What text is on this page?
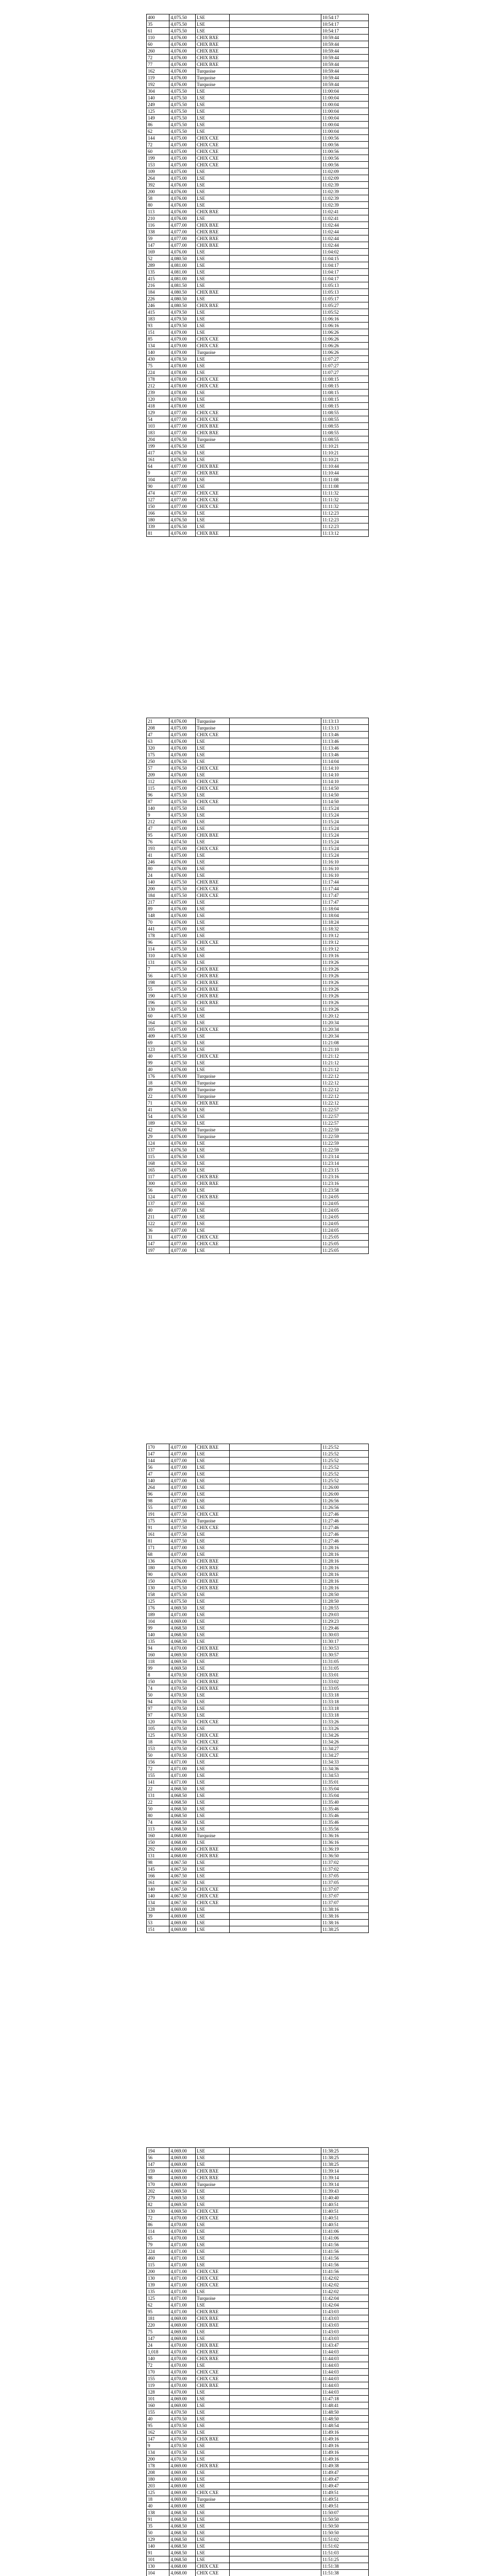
400	4,075.50	LSE		10:54:17
35	4,075.50	LSE		10:54:17
61	4,075.50	LSE		10:54:17
110	4,076.00	CHIX BXE		10:59:44
60	4,076.00	CHIX BXE		10:59:44
260	4,076.00	CHIX BXE		10:59:44
72	4,076.00	CHIX BXE		10:59:44
77	4,076.00	CHIX BXE		10:59:44
162	4,076.00	Turquoise		10:59:44
119	4,076.00	Turquoise		10:59:44
192	4,076.00	Turquoise		10:59:44
304	4,075.50	LSE		11:00:04
140	4,075.50	LSE		11:00:04
249	4,075.50	LSE		11:00:04
125	4,075.50	LSE		11:00:04
149	4,075.50	LSE		11:00:04
86	4,075.50	LSE		11:00:04
62	4,075.50	LSE		11:00:04
144	4,075.00	CHIX CXE		11:00:56
72	4,075.00	CHIX CXE		11:00:56
60	4,075.00	CHIX CXE		11:00:56
199	4,075.00	CHIX CXE		11:00:56
153	4,075.00	CHIX CXE		11:00:56
109	4,075.00	LSE		11:02:09
264	4,075.00	LSE		11:02:09
392	4,076.00	LSE		11:02:39
200	4,076.00	LSE		11:02:39
58	4,076.00	LSE		11:02:39
80	4,076.00	LSE		11:02:39
113	4,076.00	CHIX BXE		11:02:41
210	4,076.00	LSE		11:02:41
116	4,077.00	CHIX BXE		11:02:44
338	4,077.00	CHIX BXE		11:02:44
59	4,077.00	CHIX BXE		11:02:44
147	4,077.00	CHIX BXE		11:02:44
169	4,076.00	LSE		11:04:02
52	4,080.50	LSE		11:04:15
289	4,081.00	LSE		11:04:17
135	4,081.00	LSE		11:04:17
415	4,081.00	LSE		11:04:17
216	4,081.50	LSE		11:05:13
184	4,080.50	CHIX BXE		11:05:13
226	4,080.50	LSE		11:05:17
246	4,080.50	CHIX BXE		11:05:27
415	4,079.50	LSE		11:05:52
183	4,079.50	LSE		11:06:16
93	4,079.50	LSE		11:06:16
151	4,079.00	LSE		11:06:26
85	4,079.00	CHIX CXE		11:06:26
134	4,079.00	CHIX CXE		11:06:26
140	4,079.00	Turquoise		11:06:26
430	4,078.50	LSE		11:07:27
75	4,078.00	LSE		11:07:27
224	4,078.00	LSE		11:07:27
178	4,078.00	CHIX CXE		11:08:15
212	4,078.00	CHIX CXE		11:08:15
239	4,078.00	LSE		11:08:15
120	4,078.00	LSE		11:08:15
418	4,078.00	LSE		11:08:15
129	4,077.00	CHIX CXE		11:08:55
54	4,077.00	CHIX CXE		11:08:55
103	4,077.00	CHIX BXE		11:08:55
183	4,077.00	CHIX BXE		11:08:55
204	4,076.50	Turquoise		11:08:55
199	4,076.50	LSE		11:10:21
417	4,076.50	LSE		11:10:21
161	4,076.50	LSE		11:10:21
64	4,077.00	CHIX BXE		11:10:44
9	4,077.00	CHIX BXE		11:10:44
104	4,077.00	LSE		11:11:08
90	4,077.00	LSE		11:11:08
474	4,077.00	CHIX CXE		11:11:32
127	4,077.00	CHIX CXE		11:11:32
150	4,077.00	CHIX CXE		11:11:32
166	4,076.50	LSE		11:12:23
180	4,076.50	LSE		11:12:23
339	4,076.50	LSE		11:12:23
81	4,076.00	CHIX BXE		11:13:12
21	4,076.00	Turquoise		11:13:13
208	4,075.00	Turquoise		11:13:13
47	4,075.00	CHIX CXE		11:13:46
63	4,076.00	LSE		11:13:46
320	4,076.00	LSE		11:13:46
175	4,076.00	LSE		11:13:46
250	4,076.50	LSE		11:14:04
57	4,076.50	CHIX CXE		11:14:10
209	4,076.00	LSE		11:14:10
112	4,076.00	CHIX CXE		11:14:10
115	4,075.00	CHIX CXE		11:14:50
96	4,075.50	LSE		11:14:50
87	4,075.50	CHIX CXE		11:14:50
140	4,075.50	LSE		11:15:24
9	4,075.50	LSE		11:15:24
212	4,075.00	LSE		11:15:24
47	4,075.00	LSE		11:15:24
95	4,075.00	CHIX BXE		11:15:24
76	4,074.50	LSE		11:15:24
193	4,075.00	CHIX CXE		11:15:24
41	4,075.00	LSE		11:15:24
246	4,076.00	LSE		11:16:10
80	4,076.00	LSE		11:16:10
24	4,076.00	LSE		11:16:10
140	4,075.50	CHIX BXE		11:17:44
200	4,075.50	CHIX CXE		11:17:44
184	4,075.50	CHIX CXE		11:17:47
217	4,075.00	LSE		11:17:47
89	4,076.00	LSE		11:18:04
148	4,076.00	LSE		11:18:04
70	4,076.00	LSE		11:18:24
441	4,075.00	LSE		11:18:32
178	4,075.00	LSE		11:19:12
96	4,075.50	CHIX CXE		11:19:12
114	4,075.50	LSE		11:19:12
310	4,076.50	LSE		11:19:16
131	4,076.50	LSE		11:19:26
7	4,075.50	CHIX BXE		11:19:26
56	4,075.50	CHIX BXE		11:19:26
198	4,075.50	CHIX BXE		11:19:26
55	4,075.50	CHIX BXE		11:19:26
190	4,075.50	CHIX BXE		11:19:26
196	4,075.50	CHIX BXE		11:19:26
130	4,075.50	LSE		11:19:26
60	4,075.50	LSE		11:20:12
164	4,075.50	LSE		11:20:34
105	4,075.00	CHIX CXE		11:20:34
409	4,075.50	LSE		11:20:34
69	4,075.50	LSE		11:21:08
123	4,075.50	LSE		11:21:10
40	4,075.50	CHIX CXE		11:21:12
99	4,075.50	LSE		11:21:12
40	4,076.00	LSE		11:21:12
176	4,076.00	Turquoise		11:22:12
18	4,076.00	Turquoise		11:22:12
49	4,076.00	Turquoise		11:22:12
22	4,076.00	Turquoise		11:22:12
71	4,076.00	CHIX BXE		11:22:12
41	4,076.50	LSE		11:22:57
54	4,076.50	LSE		11:22:57
189	4,076.50	LSE		11:22:57
42	4,076.00	Turquoise		11:22:59
29	4,076.00	Turquoise		11:22:59
124	4,076.00	LSE		11:22:59
137	4,076.50	LSE		11:22:59
115	4,076.50	LSE		11:23:14
168	4,076.50	LSE		11:23:14
165	4,075.00	LSE		11:23:15
117	4,075.00	CHIX BXE		11:23:16
300	4,075.00	CHIX BXE		11:23:16
56	4,076.00	LSE		11:23:58
124	4,077.00	CHIX BXE		11:24:05
137	4,077.00	LSE		11:24:05
40	4,077.00	LSE		11:24:05
211	4,077.00	LSE		11:24:05
122	4,077.00	LSE		11:24:05
36	4,077.00	LSE		11:24:05
31	4,077.00	CHIX CXE		11:25:05
147	4,077.00	CHIX CXE		11:25:05
197	4,077.00	LSE		11:25:05
170	4,077.00	CHIX BXE		11:25:52
147	4,077.00	LSE		11:25:52
144	4,077.00	LSE		11:25:52
56	4,077.00	LSE		11:25:52
47	4,077.00	LSE		11:25:52
140	4,077.00	LSE		11:25:52
264	4,077.00	LSE		11:26:00
96	4,077.00	LSE		11:26:00
98	4,077.00	LSE		11:26:56
55	4,077.00	LSE		11:26:56
191	4,077.50	CHIX CXE		11:27:46
175	4,077.50	Turquoise		11:27:46
91	4,077.50	CHIX CXE		11:27:46
161	4,077.50	LSE		11:27:46
81	4,077.50	LSE		11:27:46
171	4,077.00	LSE		11:28:16
68	4,077.00	LSE		11:28:16
136	4,076.00	CHIX BXE		11:28:16
180	4,076.00	CHIX BXE		11:28:16
90	4,076.00	CHIX BXE		11:28:16
150	4,076.00	CHIX BXE		11:28:16
130	4,075.50	CHIX BXE		11:28:16
158	4,075.50	LSE		11:28:50
125	4,075.50	LSE		11:28:50
176	4,069.50	LSE		11:28:55
189	4,071.00	LSE		11:29:03
104	4,069.00	LSE		11:29:23
99	4,068.50	LSE		11:29:46
140	4,068.50	LSE		11:30:03
135	4,068.50	LSE		11:30:17
94	4,070.00	CHIX BXE		11:30:53
160	4,069.50	CHIX BXE		11:30:57
118	4,069.50	LSE		11:31:05
99	4,069.50	LSE		11:31:05
8	4,070.50	CHIX BXE		11:33:01
150	4,070.50	CHIX BXE		11:33:02
74	4,070.50	CHIX BXE		11:33:05
50	4,070.50	LSE		11:33:18
94	4,070.50	LSE		11:33:18
97	4,070.50	LSE		11:33:18
97	4,070.50	LSE		11:33:18
120	4,070.50	CHIX CXE		11:33:26
105	4,070.50	LSE		11:33:26
125	4,070.50	CHIX CXE		11:34:26
18	4,070.50	CHIX CXE		11:34:26
153	4,070.50	CHIX CXE		11:34:27
50	4,070.50	CHIX CXE		11:34:27
156	4,071.00	LSE		11:34:33
72	4,071.00	LSE		11:34:36
155	4,071.00	LSE		11:34:53
141	4,071.00	LSE		11:35:01
22	4,068.50	LSE		11:35:04
131	4,068.50	LSE		11:35:04
22	4,068.50	LSE		11:35:40
50	4,068.50	LSE		11:35:46
80	4,068.50	LSE		11:35:46
74	4,068.50	LSE		11:35:46
113	4,068.50	LSE		11:35:56
160	4,068.00	Turquoise		11:36:16
150	4,068.00	LSE		11:36:16
292	4,068.00	CHIX BXE		11:36:19
131	4,068.00	CHIX BXE		11:36:50
98	4,067.50	LSE		11:37:02
145	4,067.50	LSE		11:37:02
166	4,067.50	LSE		11:37:05
161	4,067.50	LSE		11:37:05
140	4,067.50	CHIX CXE		11:37:07
140	4,067.50	CHIX CXE		11:37:07
134	4,067.50	CHIX CXE		11:37:07
128	4,069.00	LSE		11:38:16
39	4,069.00	LSE		11:38:16
53	4,069.00	LSE		11:38:16
151	4,069.00	LSE		11:38:25
194	4,069.00	LSE		11:38:25
56	4,069.00	LSE		11:38:25
147	4,069.00	LSE		11:38:25
159	4,069.00	CHIX BXE		11:39:14
98	4,069.00	CHIX BXE		11:39:14
170	4,069.00	Turquoise		11:39:14
202	4,069.50	LSE		11:39:43
279	4,069.50	LSE		11:40:40
82	4,069.50	LSE		11:40:51
130	4,069.50	CHIX CXE		11:40:51
72	4,070.00	CHIX CXE		11:40:51
86	4,070.00	LSE		11:40:51
114	4,070.00	LSE		11:41:06
65	4,070.00	LSE		11:41:06
79	4,071.00	LSE		11:41:56
224	4,071.00	LSE		11:41:56
460	4,071.00	LSE		11:41:56
115	4,071.00	LSE		11:41:56
200	4,071.00	CHIX CXE		11:41:56
130	4,071.00	CHIX CXE		11:42:02
139	4,071.00	CHIX CXE		11:42:02
135	4,071.00	LSE		11:42:02
125	4,071.00	Turquoise		11:42:04
62	4,071.00	LSE		11:42:04
95	4,071.00	CHIX BXE		11:43:03
181	4,069.00	CHIX BXE		11:43:03
220	4,069.00	CHIX BXE		11:43:03
75	4,069.00	LSE		11:43:03
147	4,069.00	LSE		11:43:03
24	4,070.00	CHIX BXE		11:43:47
1,018	4,070.00	CHIX BXE		11:44:03
140	4,070.00	CHIX BXE		11:44:03
72	4,070.00	LSE		11:44:03
170	4,070.00	CHIX CXE		11:44:03
155	4,070.00	CHIX CXE		11:44:03
119	4,070.00	CHIX BXE		11:44:03
128	4,070.00	LSE		11:44:03
101	4,069.00	LSE		11:47:18
160	4,069.00	LSE		11:48:41
155	4,070.50	LSE		11:48:50
40	4,070.50	LSE		11:48:50
95	4,070.50	LSE		11:48:54
162	4,070.50	LSE		11:49:16
147	4,070.50	CHIX BXE		11:49:16
9	4,070.50	LSE		11:49:16
134	4,070.50	LSE		11:49:16
200	4,070.50	LSE		11:49:16
178	4,069.00	CHIX BXE		11:49:38
208	4,069.00	LSE		11:49:47
180	4,069.00	LSE		11:49:47
203	4,069.00	LSE		11:49:47
125	4,069.00	CHIX CXE		11:49:51
18	4,069.00	Turquoise		11:49:51
40	4,069.00	LSE		11:49:51
138	4,068.50	LSE		11:50:07
91	4,068.50	LSE		11:50:50
35	4,068.50	LSE		11:50:50
50	4,068.50	LSE		11:50:50
129	4,068.50	LSE		11:51:02
140	4,068.50	LSE		11:51:02
91	4,068.50	LSE		11:51:03
101	4,068.50	LSE		11:51:25
130	4,068.00	CHIX CXE		11:51:38
104	4,068.00	CHIX CXE		11:51:38
